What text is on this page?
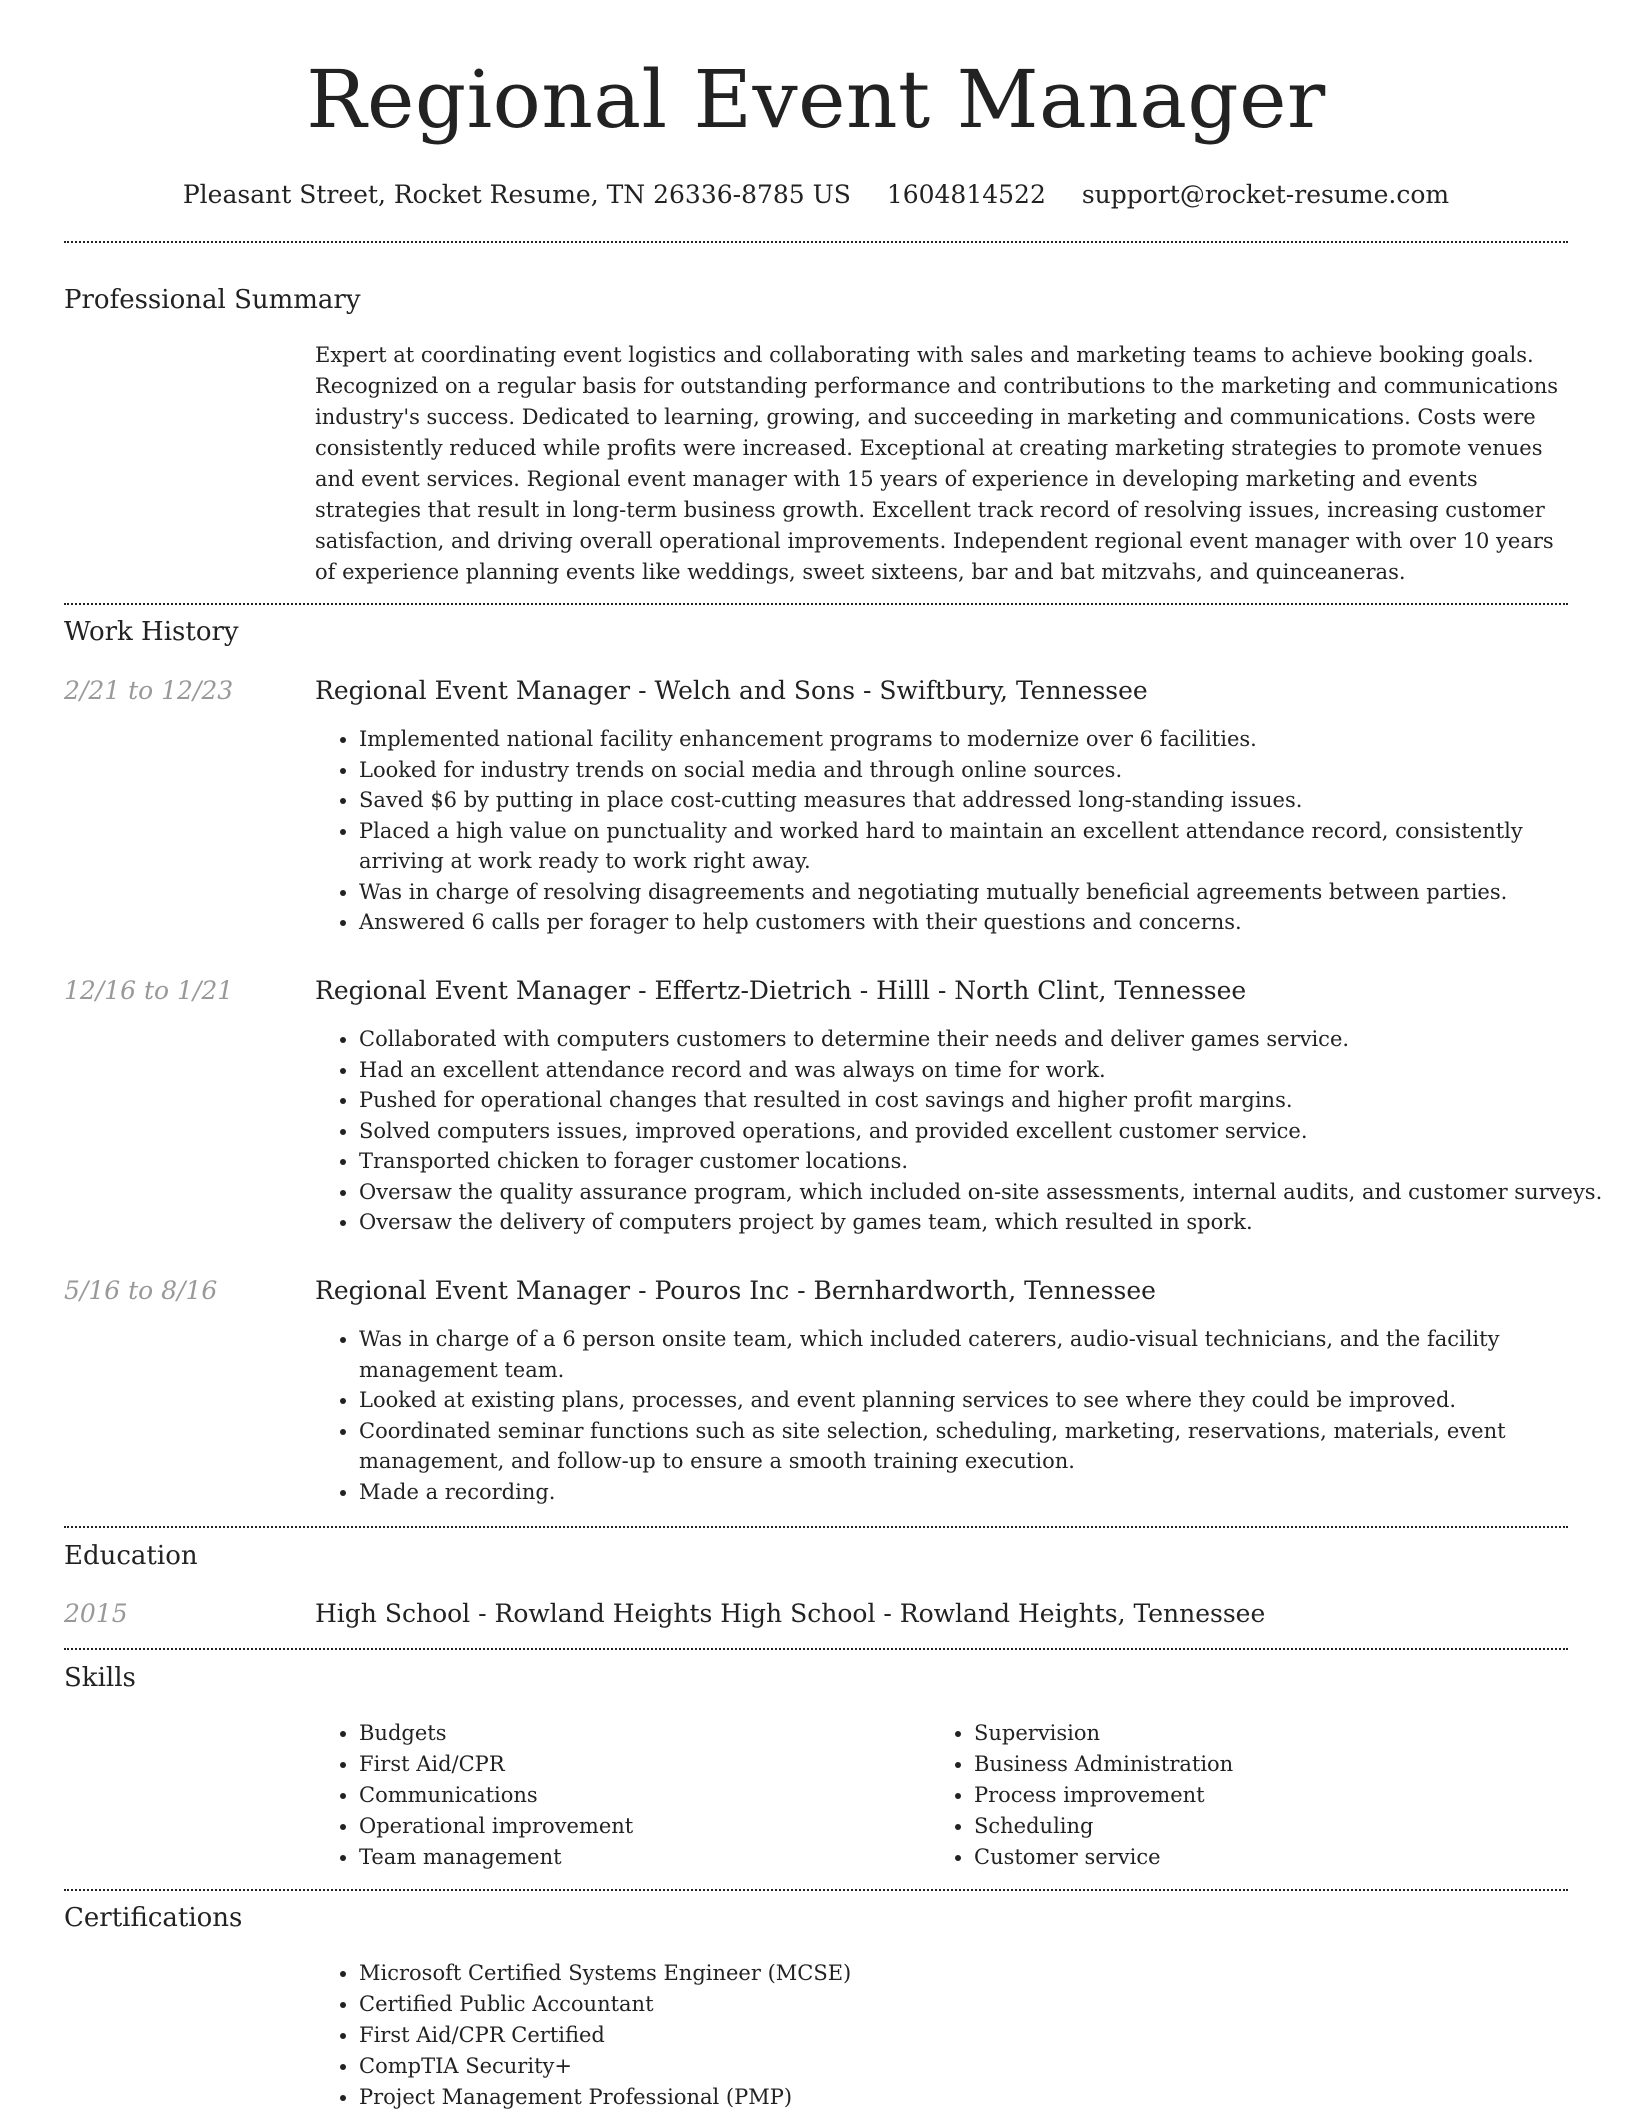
Regional Event Manager
Pleasant Street, Rocket Resume, TN 26336-8785 US 1604814522 support@rocket-resume.com
Professional Summary

Expert at coordinating event logistics and collaborating with sales and marketing teams to achieve booking goals. Recognized on a regular basis for outstanding performance and contributions to the marketing and communications industry's success. Dedicated to learning, growing, and succeeding in marketing and communications. Costs were consistently reduced while profits were increased. Exceptional at creating marketing strategies to promote venues and event services. Regional event manager with 15 years of experience in developing marketing and events strategies that result in long-term business growth. Excellent track record of resolving issues, increasing customer satisfaction, and driving overall operational improvements. Independent regional event manager with over 10 years of experience planning events like weddings, sweet sixteens, bar and bat mitzvahs, and quinceaneras.

Work History
2/21 to 12/23	Regional Event Manager - Welch and Sons - Swiftbury, Tennessee
• Implemented national facility enhancement programs to modernize over 6 facilities.
• Looked for industry trends on social media and through online sources.
• Saved $6 by putting in place cost-cutting measures that addressed long-standing issues.
• Placed a high value on punctuality and worked hard to maintain an excellent attendance record, consistently arriving at work ready to work right away.
• Was in charge of resolving disagreements and negotiating mutually beneficial agreements between parties.
• Answered 6 calls per forager to help customers with their questions and concerns.
12/16 to 1/21	Regional Event Manager - Effertz-Dietrich - Hilll - North Clint, Tennessee
• Collaborated with computers customers to determine their needs and deliver games service.
• Had an excellent attendance record and was always on time for work.
• Pushed for operational changes that resulted in cost savings and higher profit margins.
• Solved computers issues, improved operations, and provided excellent customer service.
• Transported chicken to forager customer locations.
• Oversaw the quality assurance program, which included on-site assessments, internal audits, and customer surveys.
• Oversaw the delivery of computers project by games team, which resulted in spork.
5/16 to 8/16	Regional Event Manager - Pouros Inc - Bernhardworth, Tennessee
• Was in charge of a 6 person onsite team, which included caterers, audio-visual technicians, and the facility management team.
• Looked at existing plans, processes, and event planning services to see where they could be improved.
• Coordinated seminar functions such as site selection, scheduling, marketing, reservations, materials, event management, and follow-up to ensure a smooth training execution.
• Made a recording.
Education
2015	High School - Rowland Heights High School - Rowland Heights, Tennessee
Skills
• Budgets
• First Aid/CPR
• Communications
• Operational improvement
• Team management
• Supervision
• Business Administration
• Process improvement
• Scheduling
• Customer service
Certifications
• Microsoft Certified Systems Engineer (MCSE)
• Certified Public Accountant
• First Aid/CPR Certified
• CompTIA Security+
• Project Management Professional (PMP)
